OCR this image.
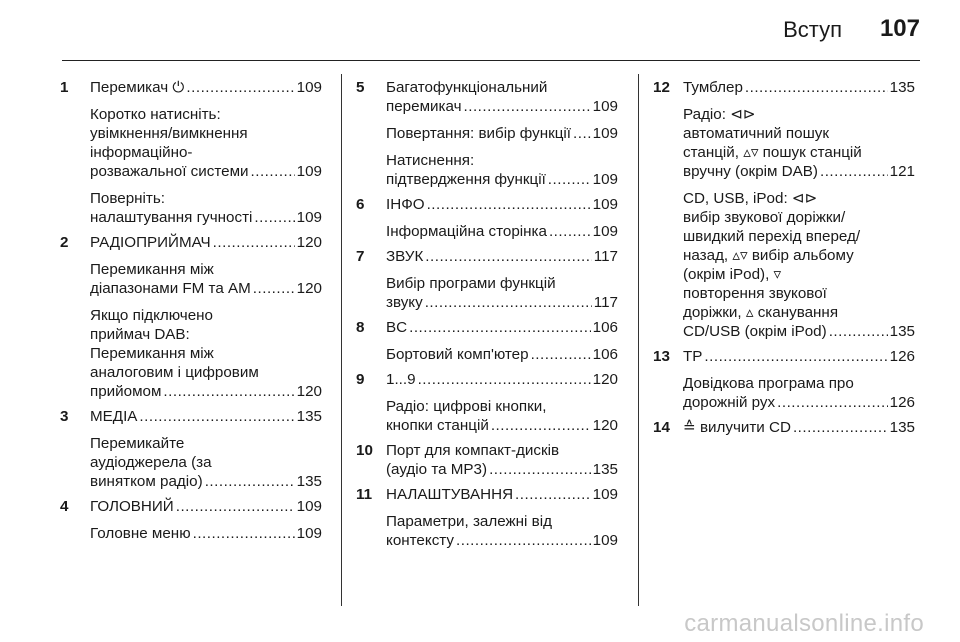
Вступ 107
1 Перемикач ⏻ .....	109
Коротко натисніть:
увімкнення/вимкнення
інформаційно-
розважальної системи .....	109
Поверніть:
налаштування гучності .....	109
2 РАДІОПРИЙМАЧ .....	120
Перемикання між
діапазонами FM та AM .....	120
Якщо підключено
приймач DAB:
Перемикання між
аналоговим і цифровим
прийомом .....	120
3 МЕДІА .....	135
Перемикайте
аудіоджерела (за
винятком радіо) .....	135
4 ГОЛОВНИЙ .....	109
Головне меню .....	109
5 Багатофункціональний
перемикач .....	109
Повертання: вибір функції ..... 109
Натиснення:
підтвердження функції .....	109
6 ІНФО .....	109
Інформаційна сторінка .....	109
7 ЗВУК .....	117
Вибір програми функцій
звуку .....	117
8 BC .....	106
Бортовий комп'ютер .....	106
9 1...9 .....	120
Радіо: цифрові кнопки,
кнопки станцій .....	120
10 Порт для компакт-дисків
(аудіо та MP3) .....	135
11 НАЛАШТУВАННЯ .....	109
Параметри, залежні від
контексту .....	109
12 Тумблер .....	135
Радіо: ⊲⊳
автоматичний пошук
станцій, ▵▿ пошук станцій
вручну (окрім DAB) .....	121
CD, USB, iPod: ⊲⊳
вибір звукової доріжки/
швидкий перехід вперед/
назад, ▵▿ вибір альбому
(окрім iPod), ▿
повторення звукової
доріжки, ▵ сканування
CD/USB (окрім iPod) .....	135
13 TP .....	126
Довідкова програма про
дорожній рух .....	126
14 ≙ вилучити CD .....	135
carmanualsonline.info
